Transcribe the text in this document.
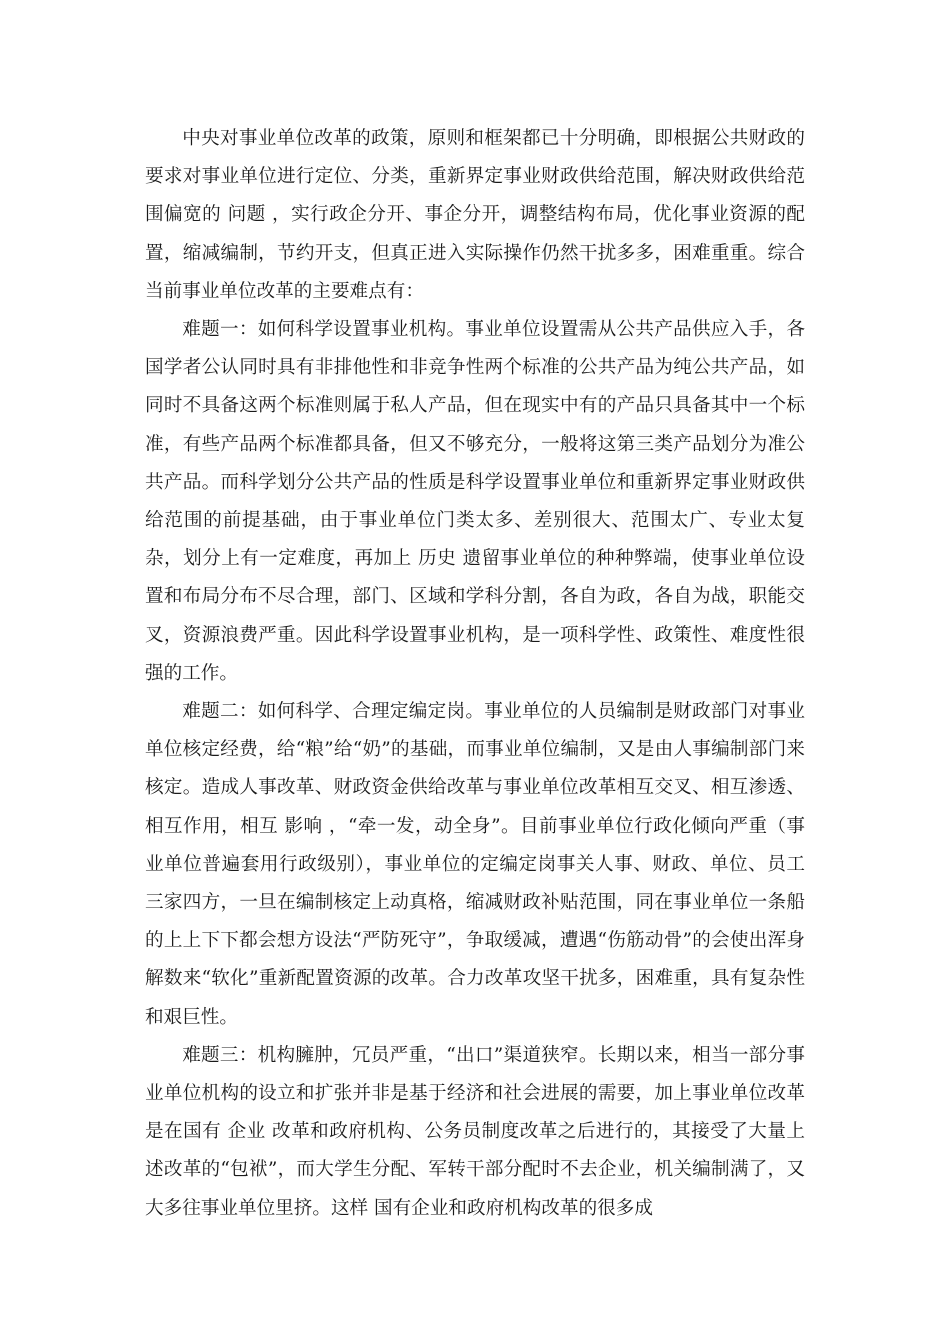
中央对事业单位改革的政策，原则和框架都已十分明确，即根据公共财政的要求对事业单位进行定位、分类，重新界定事业财政供给范围，解决财政供给范围偏宽的 问题 ，实行政企分开、事企分开，调整结构布局，优化事业资源的配置，缩减编制，节约开支，但真正进入实际操作仍然干扰多多，困难重重。综合当前事业单位改革的主要难点有：

难题一：如何科学设置事业机构。事业单位设置需从公共产品供应入手，各国学者公认同时具有非排他性和非竞争性两个标准的公共产品为纯公共产品，如同时不具备这两个标准则属于私人产品，但在现实中有的产品只具备其中一个标准，有些产品两个标准都具备，但又不够充分，一般将这第三类产品划分为准公共产品。而科学划分公共产品的性质是科学设置事业单位和重新界定事业财政供给范围的前提基础，由于事业单位门类太多、差别很大、范围太广、专业太复杂，划分上有一定难度，再加上 历史 遗留事业单位的种种弊端，使事业单位设置和布局分布不尽合理，部门、区域和学科分割，各自为政，各自为战，职能交叉，资源浪费严重。因此科学设置事业机构，是一项科学性、政策性、难度性很强的工作。

难题二：如何科学、合理定编定岗。事业单位的人员编制是财政部门对事业单位核定经费，给“粮”给“奶”的基础，而事业单位编制，又是由人事编制部门来核定。造成人事改革、财政资金供给改革与事业单位改革相互交叉、相互渗透、相互作用，相互 影响 ，“牵一发，动全身”。目前事业单位行政化倾向严重（事业单位普遍套用行政级别），事业单位的定编定岗事关人事、财政、单位、员工三家四方，一旦在编制核定上动真格，缩减财政补贴范围，同在事业单位一条船的上上下下都会想方设法“严防死守”，争取缓减，遭遇“伤筋动骨”的会使出浑身解数来“软化”重新配置资源的改革。合力改革攻坚干扰多，困难重，具有复杂性和艰巨性。

难题三：机构臃肿，冗员严重，“出口”渠道狭窄。长期以来，相当一部分事业单位机构的设立和扩张并非是基于经济和社会进展的需要，加上事业单位改革是在国有 企业 改革和政府机构、公务员制度改革之后进行的，其接受了大量上述改革的“包袱”，而大学生分配、军转干部分配时不去企业，机关编制满了，又大多往事业单位里挤。这样 国有企业和政府机构改革的很多成
